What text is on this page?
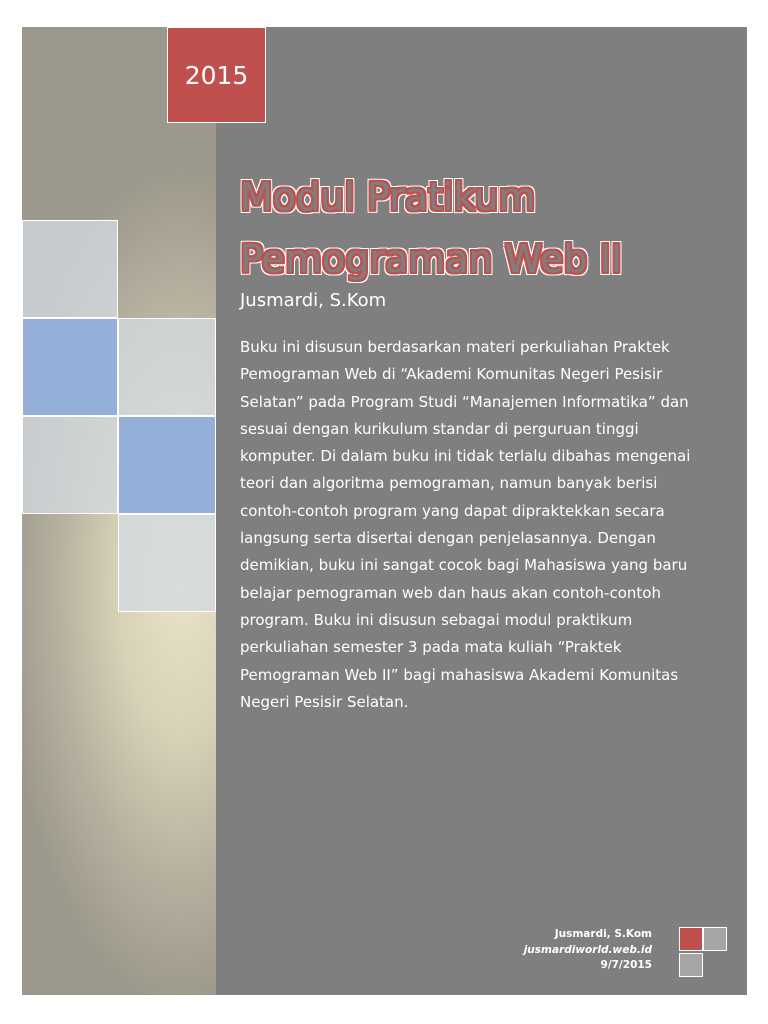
2015
Modul Pratikum
Pemograman Web II
Jusmardi, S.Kom

Buku ini disusun berdasarkan materi perkuliahan Praktek Pemograman Web di “Akademi Komunitas Negeri Pesisir Selatan” pada Program Studi “Manajemen Informatika” dan sesuai dengan kurikulum standar di perguruan tinggi komputer. Di dalam buku ini tidak terlalu dibahas mengenai teori dan algoritma pemograman, namun banyak berisi contoh-contoh program yang dapat dipraktekkan secara langsung serta disertai dengan penjelasannya. Dengan demikian, buku ini sangat cocok bagi Mahasiswa yang baru belajar pemograman web dan haus akan contoh-contoh program. Buku ini disusun sebagai modul praktikum perkuliahan semester 3 pada mata kuliah “Praktek Pemograman Web II” bagi mahasiswa Akademi Komunitas Negeri Pesisir Selatan.

Jusmardi, S.Kom
jusmardiworld.web.id
9/7/2015
